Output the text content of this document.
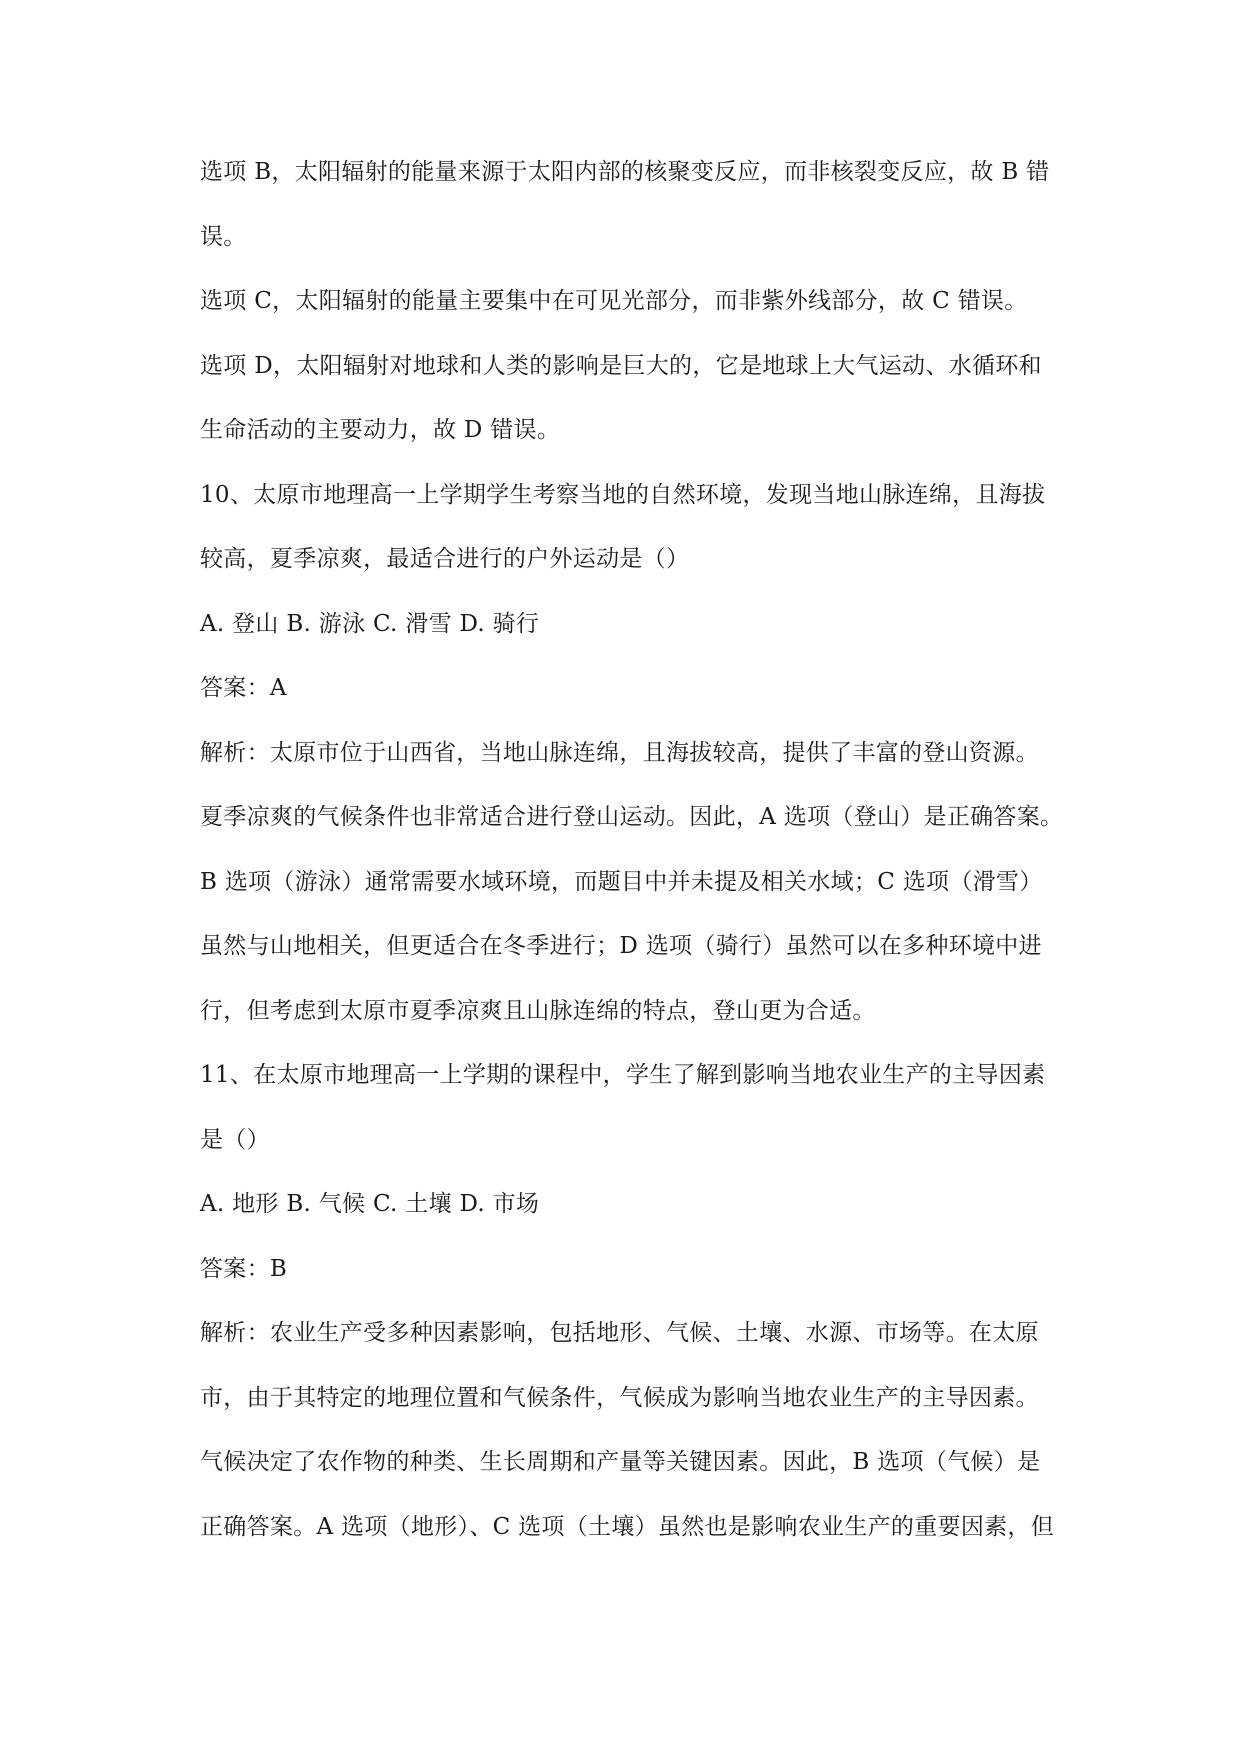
选项 B，太阳辐射的能量来源于太阳内部的核聚变反应，而非核裂变反应，故 B 错
误。
选项 C，太阳辐射的能量主要集中在可见光部分，而非紫外线部分，故 C 错误。
选项 D，太阳辐射对地球和人类的影响是巨大的，它是地球上大气运动、水循环和
生命活动的主要动力，故 D 错误。
10、太原市地理高一上学期学生考察当地的自然环境，发现当地山脉连绵，且海拔
较高，夏季凉爽，最适合进行的户外运动是（）
A. 登山 B. 游泳 C. 滑雪 D. 骑行
答案：A
解析：太原市位于山西省，当地山脉连绵，且海拔较高，提供了丰富的登山资源。
夏季凉爽的气候条件也非常适合进行登山运动。因此，A 选项（登山）是正确答案。
B 选项（游泳）通常需要水域环境，而题目中并未提及相关水域；C 选项（滑雪）
虽然与山地相关，但更适合在冬季进行；D 选项（骑行）虽然可以在多种环境中进
行，但考虑到太原市夏季凉爽且山脉连绵的特点，登山更为合适。
11、在太原市地理高一上学期的课程中，学生了解到影响当地农业生产的主导因素
是（）
A. 地形 B. 气候 C. 土壤 D. 市场
答案：B
解析：农业生产受多种因素影响，包括地形、气候、土壤、水源、市场等。在太原
市，由于其特定的地理位置和气候条件，气候成为影响当地农业生产的主导因素。
气候决定了农作物的种类、生长周期和产量等关键因素。因此，B 选项（气候）是
正确答案。A 选项（地形）、C 选项（土壤）虽然也是影响农业生产的重要因素，但
